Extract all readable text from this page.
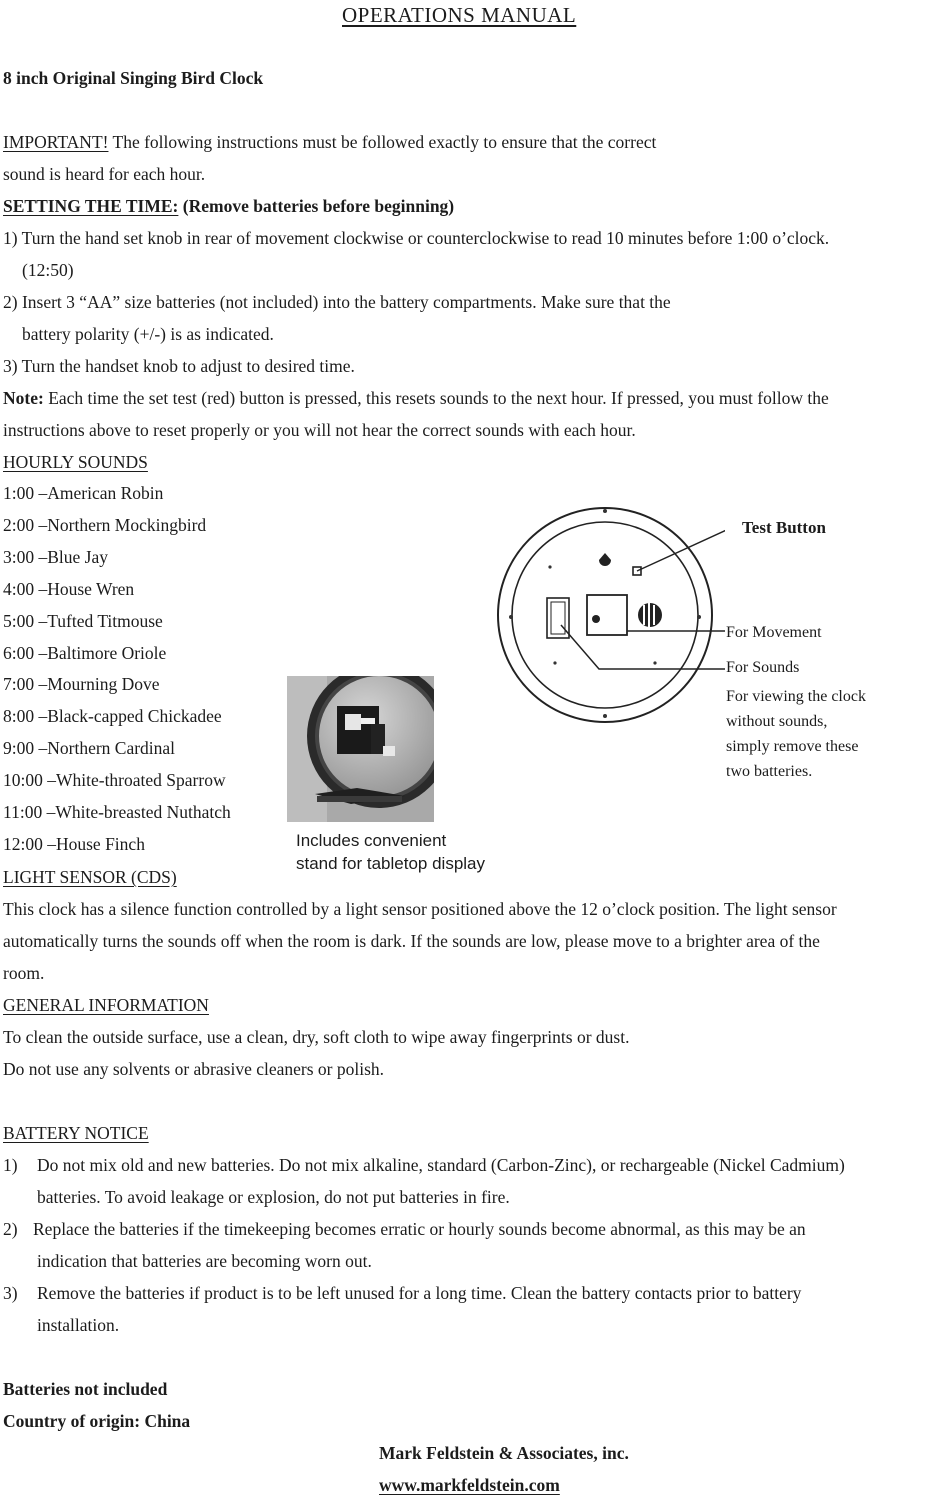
OPERATIONS MANUAL
8 inch Original Singing Bird Clock
IMPORTANT! The following instructions must be followed exactly to ensure that the correct
sound is heard for each hour.
SETTING THE TIME: (Remove batteries before beginning)
1) Turn the hand set knob in rear of movement clockwise or counterclockwise to read 10 minutes before 1:00 o’clock.
(12:50)
2) Insert 3 “AA” size batteries (not included) into the battery compartments. Make sure that the
battery polarity (+/-) is as indicated.
3) Turn the handset knob to adjust to desired time.
Note: Each time the set test (red) button is pressed, this resets sounds to the next hour. If pressed, you must follow the
instructions above to reset properly or you will not hear the correct sounds with each hour.
HOURLY SOUNDS
1:00 –American Robin
2:00 –Northern Mockingbird
3:00 –Blue Jay
4:00 –House Wren
5:00 –Tufted Titmouse
6:00 –Baltimore Oriole
7:00 –Mourning Dove
8:00 –Black-capped Chickadee
9:00 –Northern Cardinal
10:00 –White-throated Sparrow
11:00 –White-breasted Nuthatch
12:00 –House Finch
Test Button
For Movement
For Sounds
For viewing the clock
without sounds,
simply remove these
two batteries.
Includes convenient
stand for tabletop display
LIGHT SENSOR (CDS)
This clock has a silence function controlled by a light sensor positioned above the 12 o’clock position. The light sensor
automatically turns the sounds off when the room is dark. If the sounds are low, please move to a brighter area of the
room.
GENERAL INFORMATION
To clean the outside surface, use a clean, dry, soft cloth to wipe away fingerprints or dust.
Do not use any solvents or abrasive cleaners or polish.
BATTERY NOTICE
1) Do not mix old and new batteries. Do not mix alkaline, standard (Carbon-Zinc), or rechargeable (Nickel Cadmium)
batteries. To avoid leakage or explosion, do not put batteries in fire.
2) Replace the batteries if the timekeeping becomes erratic or hourly sounds become abnormal, as this may be an
indication that batteries are becoming worn out.
3) Remove the batteries if product is to be left unused for a long time. Clean the battery contacts prior to battery
installation.
Batteries not included
Country of origin: China
Mark Feldstein & Associates, inc.
www.markfeldstein.com
